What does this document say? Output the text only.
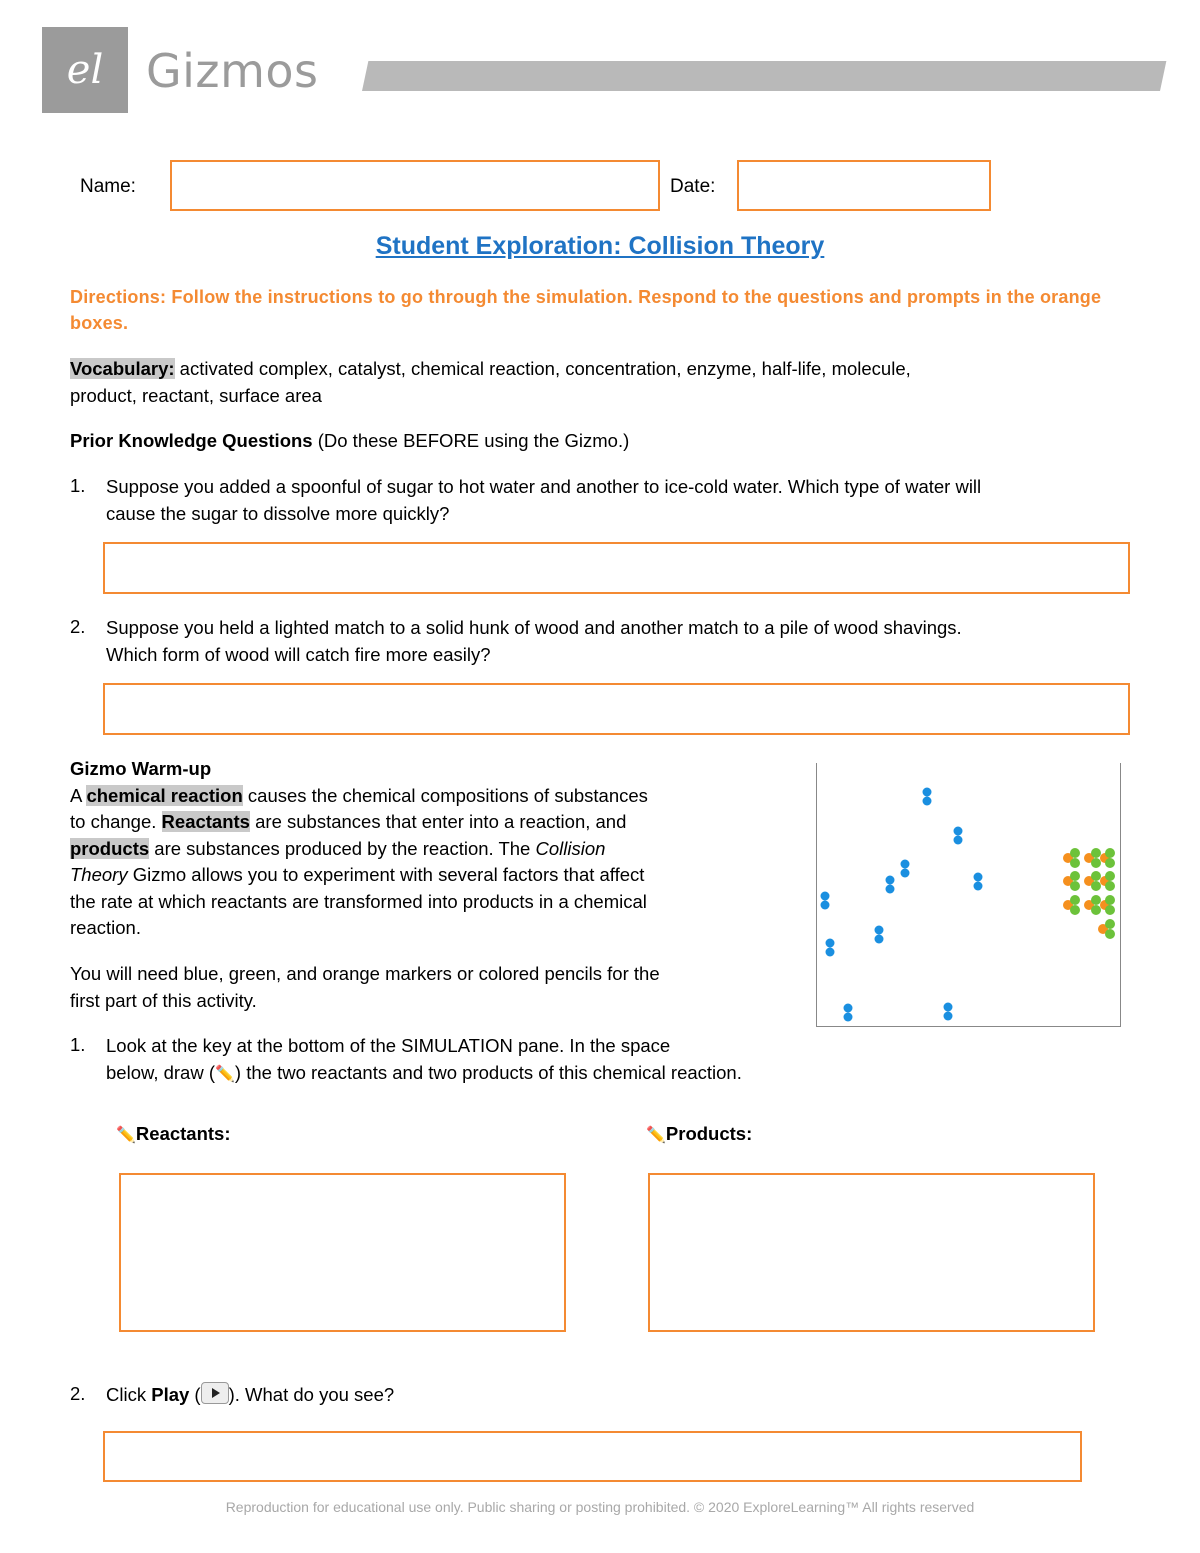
el Gizmos
Name:	Date:
Student Exploration: Collision Theory
Directions: Follow the instructions to go through the simulation. Respond to the questions and prompts in the orange boxes.
Vocabulary: activated complex, catalyst, chemical reaction, concentration, enzyme, half-life, molecule,
product, reactant, surface area
Prior Knowledge Questions (Do these BEFORE using the Gizmo.)
1. Suppose you added a spoonful of sugar to hot water and another to ice-cold water. Which type of water will
cause the sugar to dissolve more quickly?
2. Suppose you held a lighted match to a solid hunk of wood and another match to a pile of wood shavings.
Which form of wood will catch fire more easily?
Gizmo Warm-up
A chemical reaction causes the chemical compositions of substances
to change. Reactants are substances that enter into a reaction, and
products are substances produced by the reaction. The Collision
Theory Gizmo allows you to experiment with several factors that affect
the rate at which reactants are transformed into products in a chemical
reaction.
You will need blue, green, and orange markers or colored pencils for the
first part of this activity.
1. Look at the key at the bottom of the SIMULATION pane. In the space
below, draw (✏️) the two reactants and two products of this chemical reaction.
✏️Reactants:	✏️Products:
2. Click Play ( ). What do you see?
Reproduction for educational use only. Public sharing or posting prohibited. © 2020 ExploreLearning™ All rights reserved
